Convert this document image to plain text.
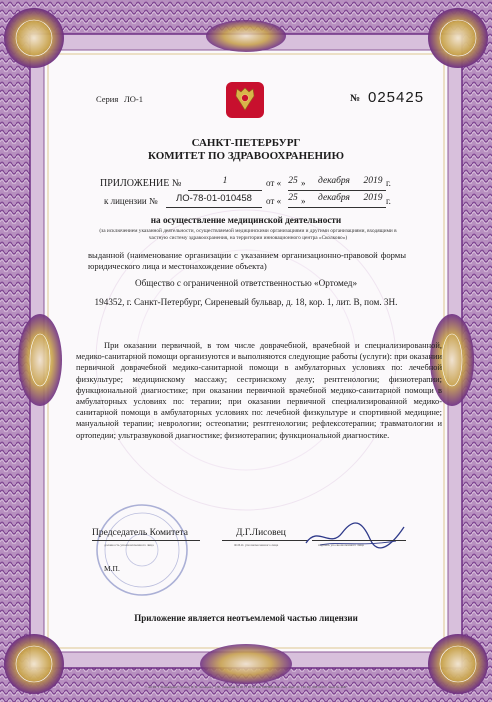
Серия ЛО-1	№ 025425
САНКТ-ПЕТЕРБУРГ
КОМИТЕТ ПО ЗДРАВООХРАНЕНИЮ
ПРИЛОЖЕНИЕ №	1	от « 25 »	декабря	2019 г.
к лицензии №	ЛО-78-01-010458	от « 25 »	декабря	2019 г.
на осуществление медицинской деятельности
(за исключением указанной деятельности, осуществляемой медицинскими организациями и другими организациями, входящими в частную систему здравоохранения, на территории инновационного центра «Сколково»)
выданной (наименование организации с указанием организационно-правовой формы юридического лица и местонахождение объекта)
Общество с ограниченной ответственностью «Ортомед»
194352, г. Санкт-Петербург, Сиреневый бульвар, д. 18, кор. 1, лит. В, пом. 3Н.
При оказании первичной, в том числе доврачебной, врачебной и специализированной, медико-санитарной помощи организуются и выполняются следующие работы (услуги): при оказании первичной доврачебной медико-санитарной помощи в амбулаторных условиях по: лечебной физкультуре; медицинскому массажу; сестринскому делу; рентгенологии; физиотерапии; функциональной диагностике; при оказании первичной врачебной медико-санитарной помощи в амбулаторных условиях по: терапии; при оказании первичной специализированной медико-санитарной помощи в амбулаторных условиях по: лечебной физкультуре и спортивной медицине; мануальной терапии; неврологии; остеопатии; рентгенологии; рефлексотерапии; травматологии и ортопедии; ультразвуковой диагностике; физиотерапии; функциональной диагностике.
Председатель Комитета
должность уполномоченного лица
Д.Г.Лисовец
Ф.И.О. уполномоченного лица	подпись уполномоченного лица
М.П.
Приложение является неотъемлемой частью лицензии
© АО ИГТ "Бланкпринт" ПЗ Код: Н. Н. Лелицкого" (ЛЕ. Лицензия № 00 03 00 № ФЖ ПИНФИ ФЖ. Лиц. Фрн: ЛС 1М. Пр. 008-2019 г. Заказ №. ФЖ"
